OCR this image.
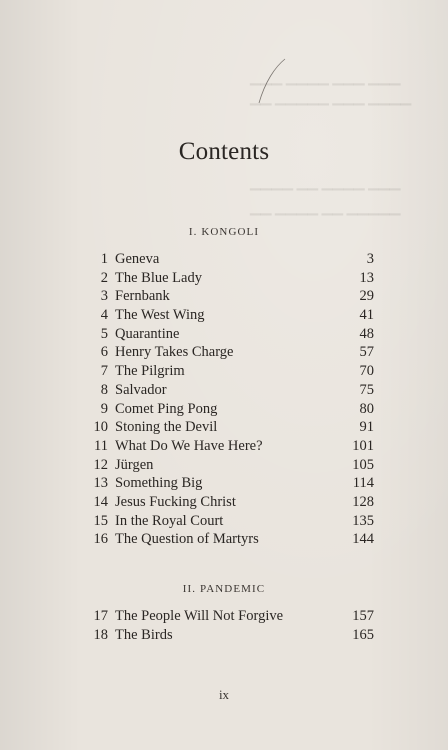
▁▁▁ ▁▁▁ ▁▁▁▁ ▁▁▁
▁▁▁▁ ▁▁▁ ▁▁▁▁▁ ▁▁
▁▁▁ ▁▁▁▁ ▁▁ ▁▁▁▁
▁▁▁▁▁ ▁▁ ▁▁▁▁ ▁▁
Contents
I. KONGOLI
1 Geneva	3
2 The Blue Lady	13
3 Fernbank	29
4 The West Wing	41
5 Quarantine	48
6 Henry Takes Charge	57
7 The Pilgrim	70
8 Salvador	75
9 Comet Ping Pong	80
10 Stoning the Devil	91
11 What Do We Have Here?	101
12 Jürgen	105
13 Something Big	114
14 Jesus Fucking Christ	128
15 In the Royal Court	135
16 The Question of Martyrs	144
II. PANDEMIC
17 The People Will Not Forgive	157
18 The Birds	165
ix
